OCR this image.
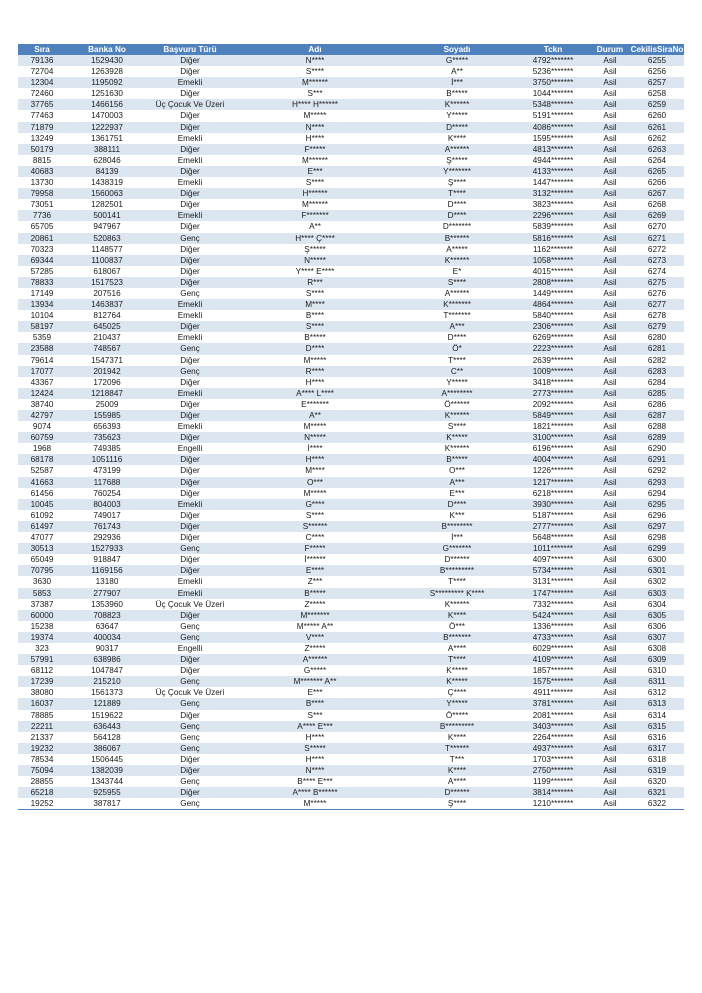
Sıra	Banka No	Başvuru Türü	Adı	Soyadı	Tckn	Durum	CekilisSiraNo
79136	1529430	Diğer	N****	G*****	4792*******	Asil	6255
72704	1263928	Diğer	S****	A**	5236*******	Asil	6256
12304	1195092	Emekli	M******	İ***	3750*******	Asil	6257
72460	1251630	Diğer	S***	B*****	1044*******	Asil	6258
37765	1466156	Üç Çocuk Ve Üzeri	H**** H******	K******	5348*******	Asil	6259
77463	1470003	Diğer	M*****	Y*****	5191*******	Asil	6260
71879	1222937	Diğer	N****	D*****	4086*******	Asil	6261
13249	1361751	Emekli	H****	K****	1595*******	Asil	6262
50179	388111	Diğer	F*****	A******	4813*******	Asil	6263
8815	628046	Emekli	M******	Ş*****	4944*******	Asil	6264
40683	84139	Diğer	E***	Y*******	4133*******	Asil	6265
13730	1438319	Emekli	S****	Ş****	1447*******	Asil	6266
79958	1560063	Diğer	H******	T****	3132*******	Asil	6267
73051	1282501	Diğer	M******	D****	3823*******	Asil	6268
7736	500141	Emekli	F*******	D****	2296*******	Asil	6269
65705	947967	Diğer	A**	D*******	5839*******	Asil	6270
20861	520863	Genç	H**** Ç****	B******	5816*******	Asil	6271
70323	1148577	Diğer	Ş*****	A*****	1162*******	Asil	6272
69344	1100837	Diğer	N*****	K******	1058*******	Asil	6273
57285	618067	Diğer	Y**** E****	E*	4015*******	Asil	6274
78833	1517523	Diğer	R***	S****	2808*******	Asil	6275
17149	207516	Genç	S****	A******	1449*******	Asil	6276
13934	1463837	Emekli	M****	K*******	4864*******	Asil	6277
10104	812764	Emekli	B****	T*******	5840*******	Asil	6278
58197	645025	Diğer	S****	A***	2306*******	Asil	6279
5359	210437	Emekli	B*****	D****	6269*******	Asil	6280
23588	748567	Genç	D****	Ö*	2223*******	Asil	6281
79614	1547371	Diğer	M*****	T****	2639*******	Asil	6282
17077	201942	Genç	R****	C**	1009*******	Asil	6283
43367	172096	Diğer	H****	Y*****	3418*******	Asil	6284
12424	1218847	Emekli	A**** L****	A********	2773*******	Asil	6285
38740	25009	Diğer	E*******	Ö******	2092*******	Asil	6286
42797	155985	Diğer	A**	K******	5849*******	Asil	6287
9074	656393	Emekli	M*****	S****	1821*******	Asil	6288
60759	735623	Diğer	N*****	K*****	3100*******	Asil	6289
1968	749385	Engelli	İ****	K******	6196*******	Asil	6290
68178	1051116	Diğer	H****	B*****	4004*******	Asil	6291
52587	473199	Diğer	M****	O***	1226*******	Asil	6292
41663	117688	Diğer	O***	A***	1217*******	Asil	6293
61456	760254	Diğer	M*****	E***	6218*******	Asil	6294
10045	804003	Emekli	G****	D****	3930*******	Asil	6295
61092	749017	Diğer	S****	K***	5187*******	Asil	6296
61497	761743	Diğer	S******	B********	2777*******	Asil	6297
47077	292936	Diğer	C****	İ***	5648*******	Asil	6298
30513	1527933	Genç	F*****	G*******	1011*******	Asil	6299
65049	918847	Diğer	İ******	D******	4097*******	Asil	6300
70795	1169156	Diğer	E****	B*********	5734*******	Asil	6301
3630	13180	Emekli	Z***	T****	3131*******	Asil	6302
5853	277907	Emekli	B*****	S********* K****	1747*******	Asil	6303
37387	1353960	Üç Çocuk Ve Üzeri	Z*****	K******	7332*******	Asil	6304
60000	708823	Diğer	M*******	K****	5424*******	Asil	6305
15238	63647	Genç	M***** A**	Ö***	1336*******	Asil	6306
19374	400034	Genç	V****	B*******	4733*******	Asil	6307
323	90317	Engelli	Z*****	A****	6029*******	Asil	6308
57991	638986	Diğer	A******	T****	4109*******	Asil	6309
68112	1047847	Diğer	G*****	K*****	1857*******	Asil	6310
17239	215210	Genç	M******* A**	K*****	1575*******	Asil	6311
38080	1561373	Üç Çocuk Ve Üzeri	E***	Ç****	4911*******	Asil	6312
16037	121889	Genç	B****	Y*****	3781*******	Asil	6313
78885	1519622	Diğer	S***	Ö*****	2081*******	Asil	6314
22211	636443	Genç	A**** E***	B*********	3403*******	Asil	6315
21337	564128	Genç	H****	K****	2264*******	Asil	6316
19232	386067	Genç	S*****	T******	4937*******	Asil	6317
78534	1506445	Diğer	H****	T***	1703*******	Asil	6318
75094	1382039	Diğer	N****	K****	2750*******	Asil	6319
28855	1343744	Genç	B**** E***	A****	1199*******	Asil	6320
65218	925955	Diğer	A**** B******	D******	3814*******	Asil	6321
19252	387817	Genç	M*****	Ş****	1210*******	Asil	6322
